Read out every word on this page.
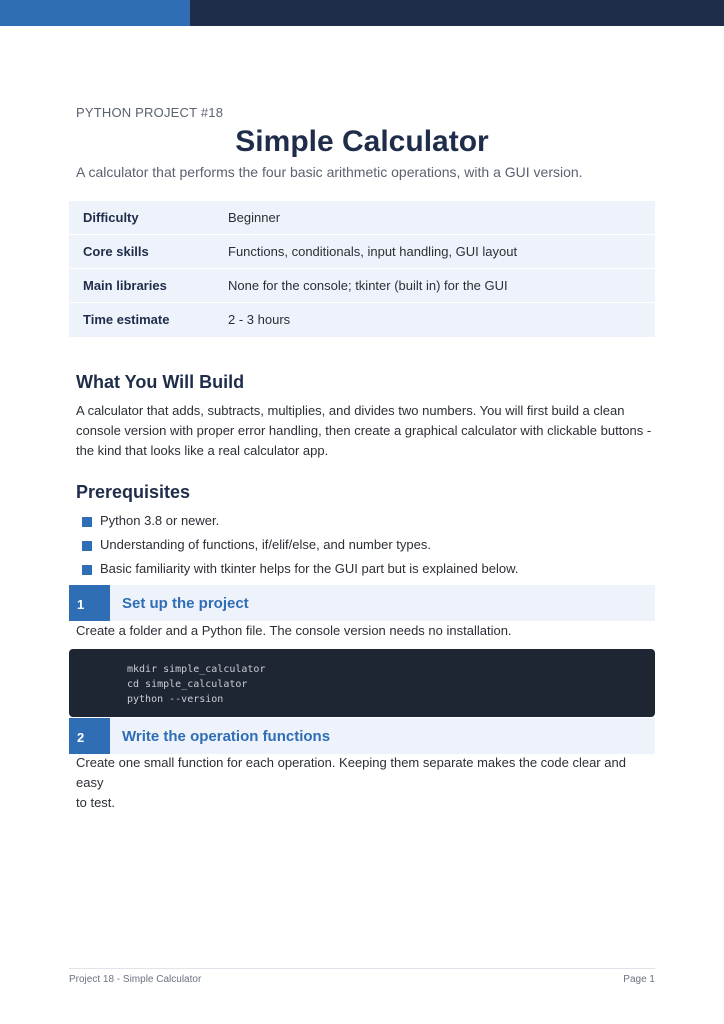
PYTHON PROJECT #18
Simple Calculator
A calculator that performs the four basic arithmetic operations, with a GUI version.
Difficulty	Beginner
Core skills	Functions, conditionals, input handling, GUI layout
Main libraries	None for the console; tkinter (built in) for the GUI
Time estimate	2 - 3 hours
What You Will Build
A calculator that adds, subtracts, multiplies, and divides two numbers. You will first build a clean
console version with proper error handling, then create a graphical calculator with clickable buttons -
the kind that looks like a real calculator app.
Prerequisites
Python 3.8 or newer.
Understanding of functions, if/elif/else, and number types.
Basic familiarity with tkinter helps for the GUI part but is explained below.
1	Set up the project
Create a folder and a Python file. The console version needs no installation.
mkdir simple_calculator
cd simple_calculator
python --version
2	Write the operation functions
Create one small function for each operation. Keeping them separate makes the code clear and easy
to test.
Project 18 - Simple Calculator	Page 1
